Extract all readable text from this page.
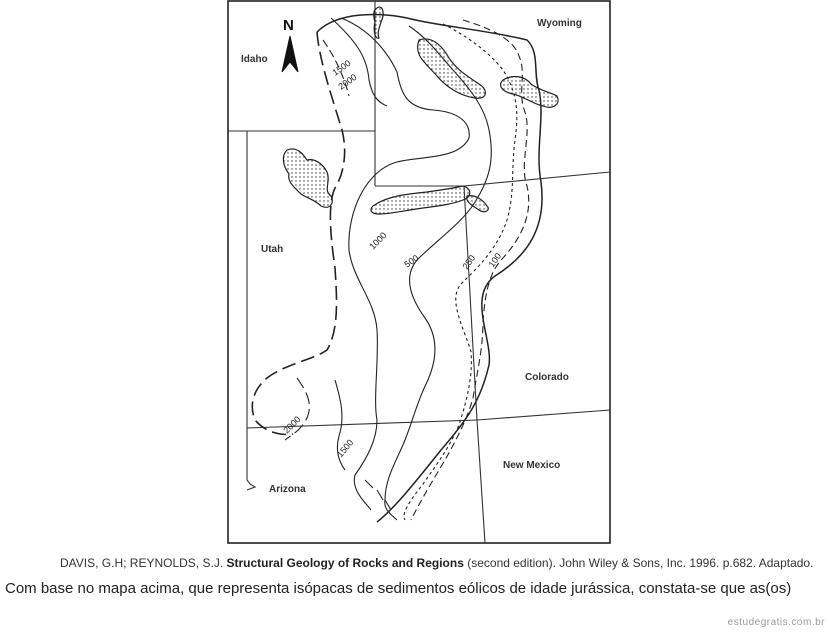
N
Idaho
Wyoming
Utah
Colorado
Arizona
New Mexico
1500
2000
1000
500	250 100
2000
1500
DAVIS, G.H; REYNOLDS, S.J. Structural Geology of Rocks and Regions (second edition). John Wiley & Sons, Inc. 1996. p.682. Adaptado.
Com base no mapa acima, que representa isópacas de sedimentos eólicos de idade jurássica, constata-se que as(os)
estudegratis.com.br
